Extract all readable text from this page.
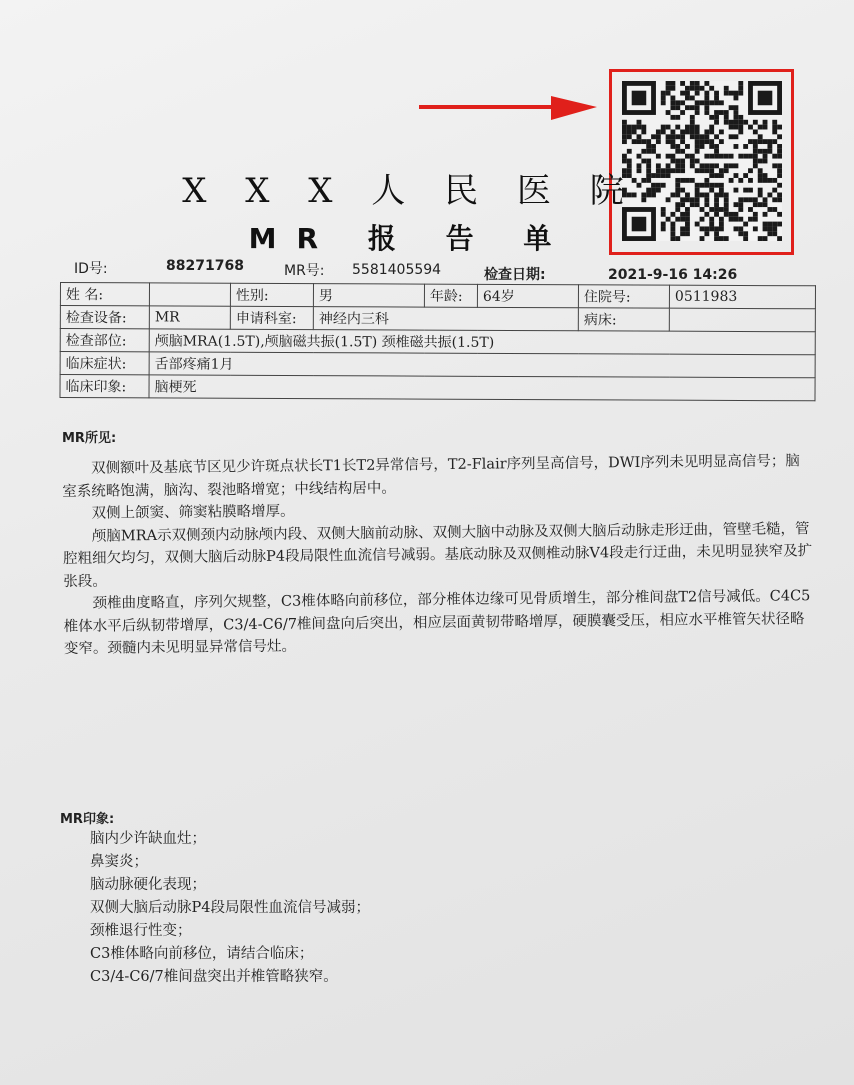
X X X 人 民 医 院
MR 报 告 单
ID号:	88271768	MR号: 5581405594	检查日期:	2021-9-16 14:26
姓 名:		性别:	男	年龄:	64岁	住院号:	0511983
检查设备:	MR	申请科室:	神经内三科			病床:	
检查部位:	颅脑MRA(1.5T),颅脑磁共振(1.5T) 颈椎磁共振(1.5T)						
临床症状:	舌部疼痛1月						
临床印象:	脑梗死						
MR所见:

双侧额叶及基底节区见少许斑点状长T1长T2异常信号，T2-Flair序列呈高信号，DWI序列未见明显高信号；脑室系统略饱满，脑沟、裂池略增宽；中线结构居中。

双侧上颌窦、筛窦粘膜略增厚。

颅脑MRA示双侧颈内动脉颅内段、双侧大脑前动脉、双侧大脑中动脉及双侧大脑后动脉走形迂曲，管壁毛糙，管腔粗细欠均匀，双侧大脑后动脉P4段局限性血流信号减弱。基底动脉及双侧椎动脉V4段走行迂曲，未见明显狭窄及扩张段。

颈椎曲度略直，序列欠规整，C3椎体略向前移位，部分椎体边缘可见骨质增生，部分椎间盘T2信号减低。C4C5椎体水平后纵韧带增厚，C3/4-C6/7椎间盘向后突出，相应层面黄韧带略增厚，硬膜囊受压，相应水平椎管矢状径略变窄。颈髓内未见明显异常信号灶。

MR印象:
脑内少许缺血灶；
鼻窦炎；
脑动脉硬化表现；
双侧大脑后动脉P4段局限性血流信号减弱；
颈椎退行性变；
C3椎体略向前移位，请结合临床；
C3/4-C6/7椎间盘突出并椎管略狭窄。
